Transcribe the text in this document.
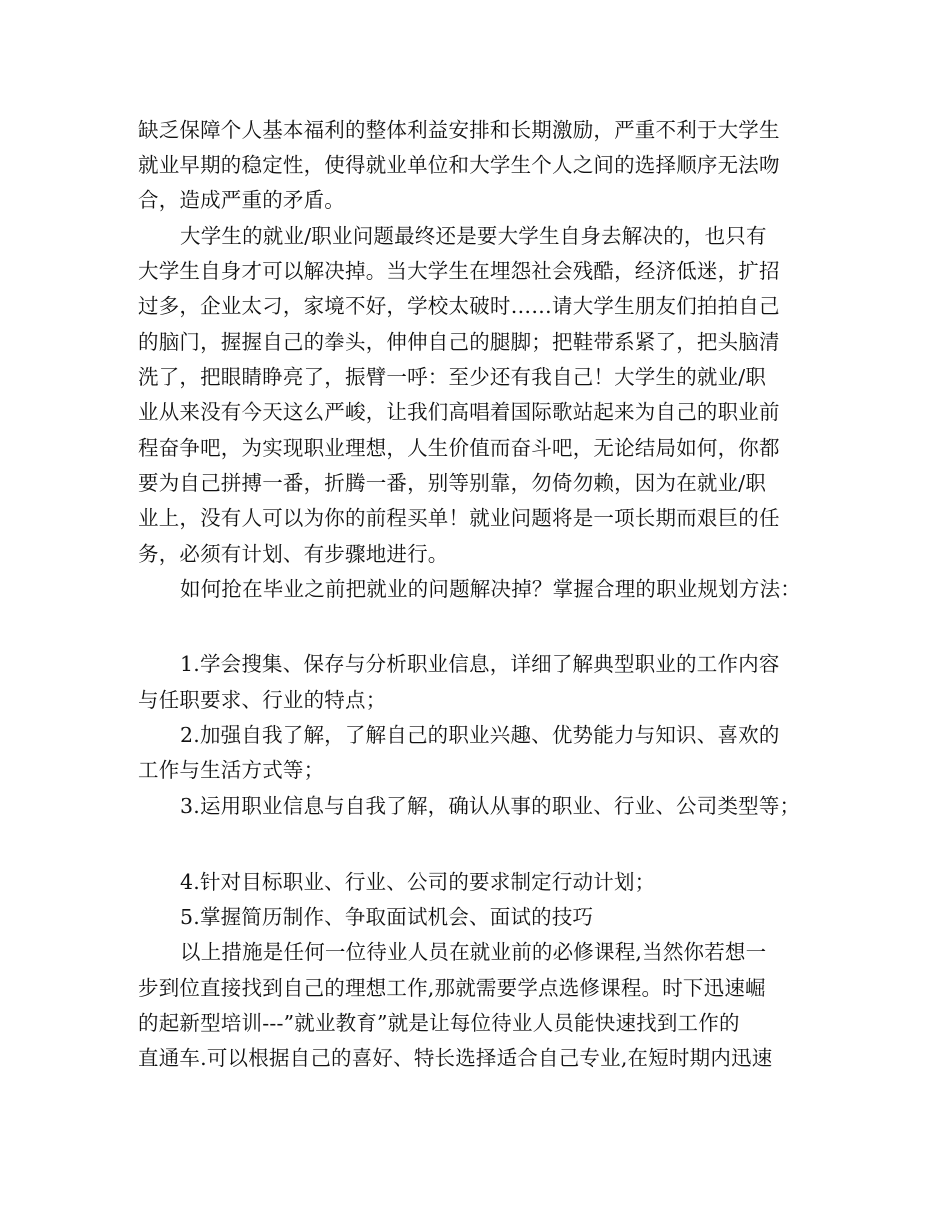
缺乏保障个人基本福利的整体利益安排和长期激励，严重不利于大学生
就业早期的稳定性，使得就业单位和大学生个人之间的选择顺序无法吻
合，造成严重的矛盾。
大学生的就业/职业问题最终还是要大学生自身去解决的，也只有
大学生自身才可以解决掉。当大学生在埋怨社会残酷，经济低迷，扩招
过多，企业太刁，家境不好，学校太破时……请大学生朋友们拍拍自己
的脑门，握握自己的拳头，伸伸自己的腿脚；把鞋带系紧了，把头脑清
洗了，把眼睛睁亮了，振臂一呼：至少还有我自己！大学生的就业/职
业从来没有今天这么严峻，让我们高唱着国际歌站起来为自己的职业前
程奋争吧，为实现职业理想，人生价值而奋斗吧，无论结局如何，你都
要为自己拼搏一番，折腾一番，别等别靠，勿倚勿赖，因为在就业/职
业上，没有人可以为你的前程买单！就业问题将是一项长期而艰巨的任
务，必须有计划、有步骤地进行。
如何抢在毕业之前把就业的问题解决掉？掌握合理的职业规划方法：
1.学会搜集、保存与分析职业信息，详细了解典型职业的工作内容
与任职要求、行业的特点；
2.加强自我了解，了解自己的职业兴趣、优势能力与知识、喜欢的
工作与生活方式等；
3.运用职业信息与自我了解，确认从事的职业、行业、公司类型等；
4.针对目标职业、行业、公司的要求制定行动计划；
5.掌握简历制作、争取面试机会、面试的技巧
以上措施是任何一位待业人员在就业前的必修课程,当然你若想一
步到位直接找到自己的理想工作,那就需要学点选修课程。时下迅速崛
的起新型培训---”就业教育”就是让每位待业人员能快速找到工作的
直通车.可以根据自己的喜好、特长选择适合自己专业,在短时期内迅速
